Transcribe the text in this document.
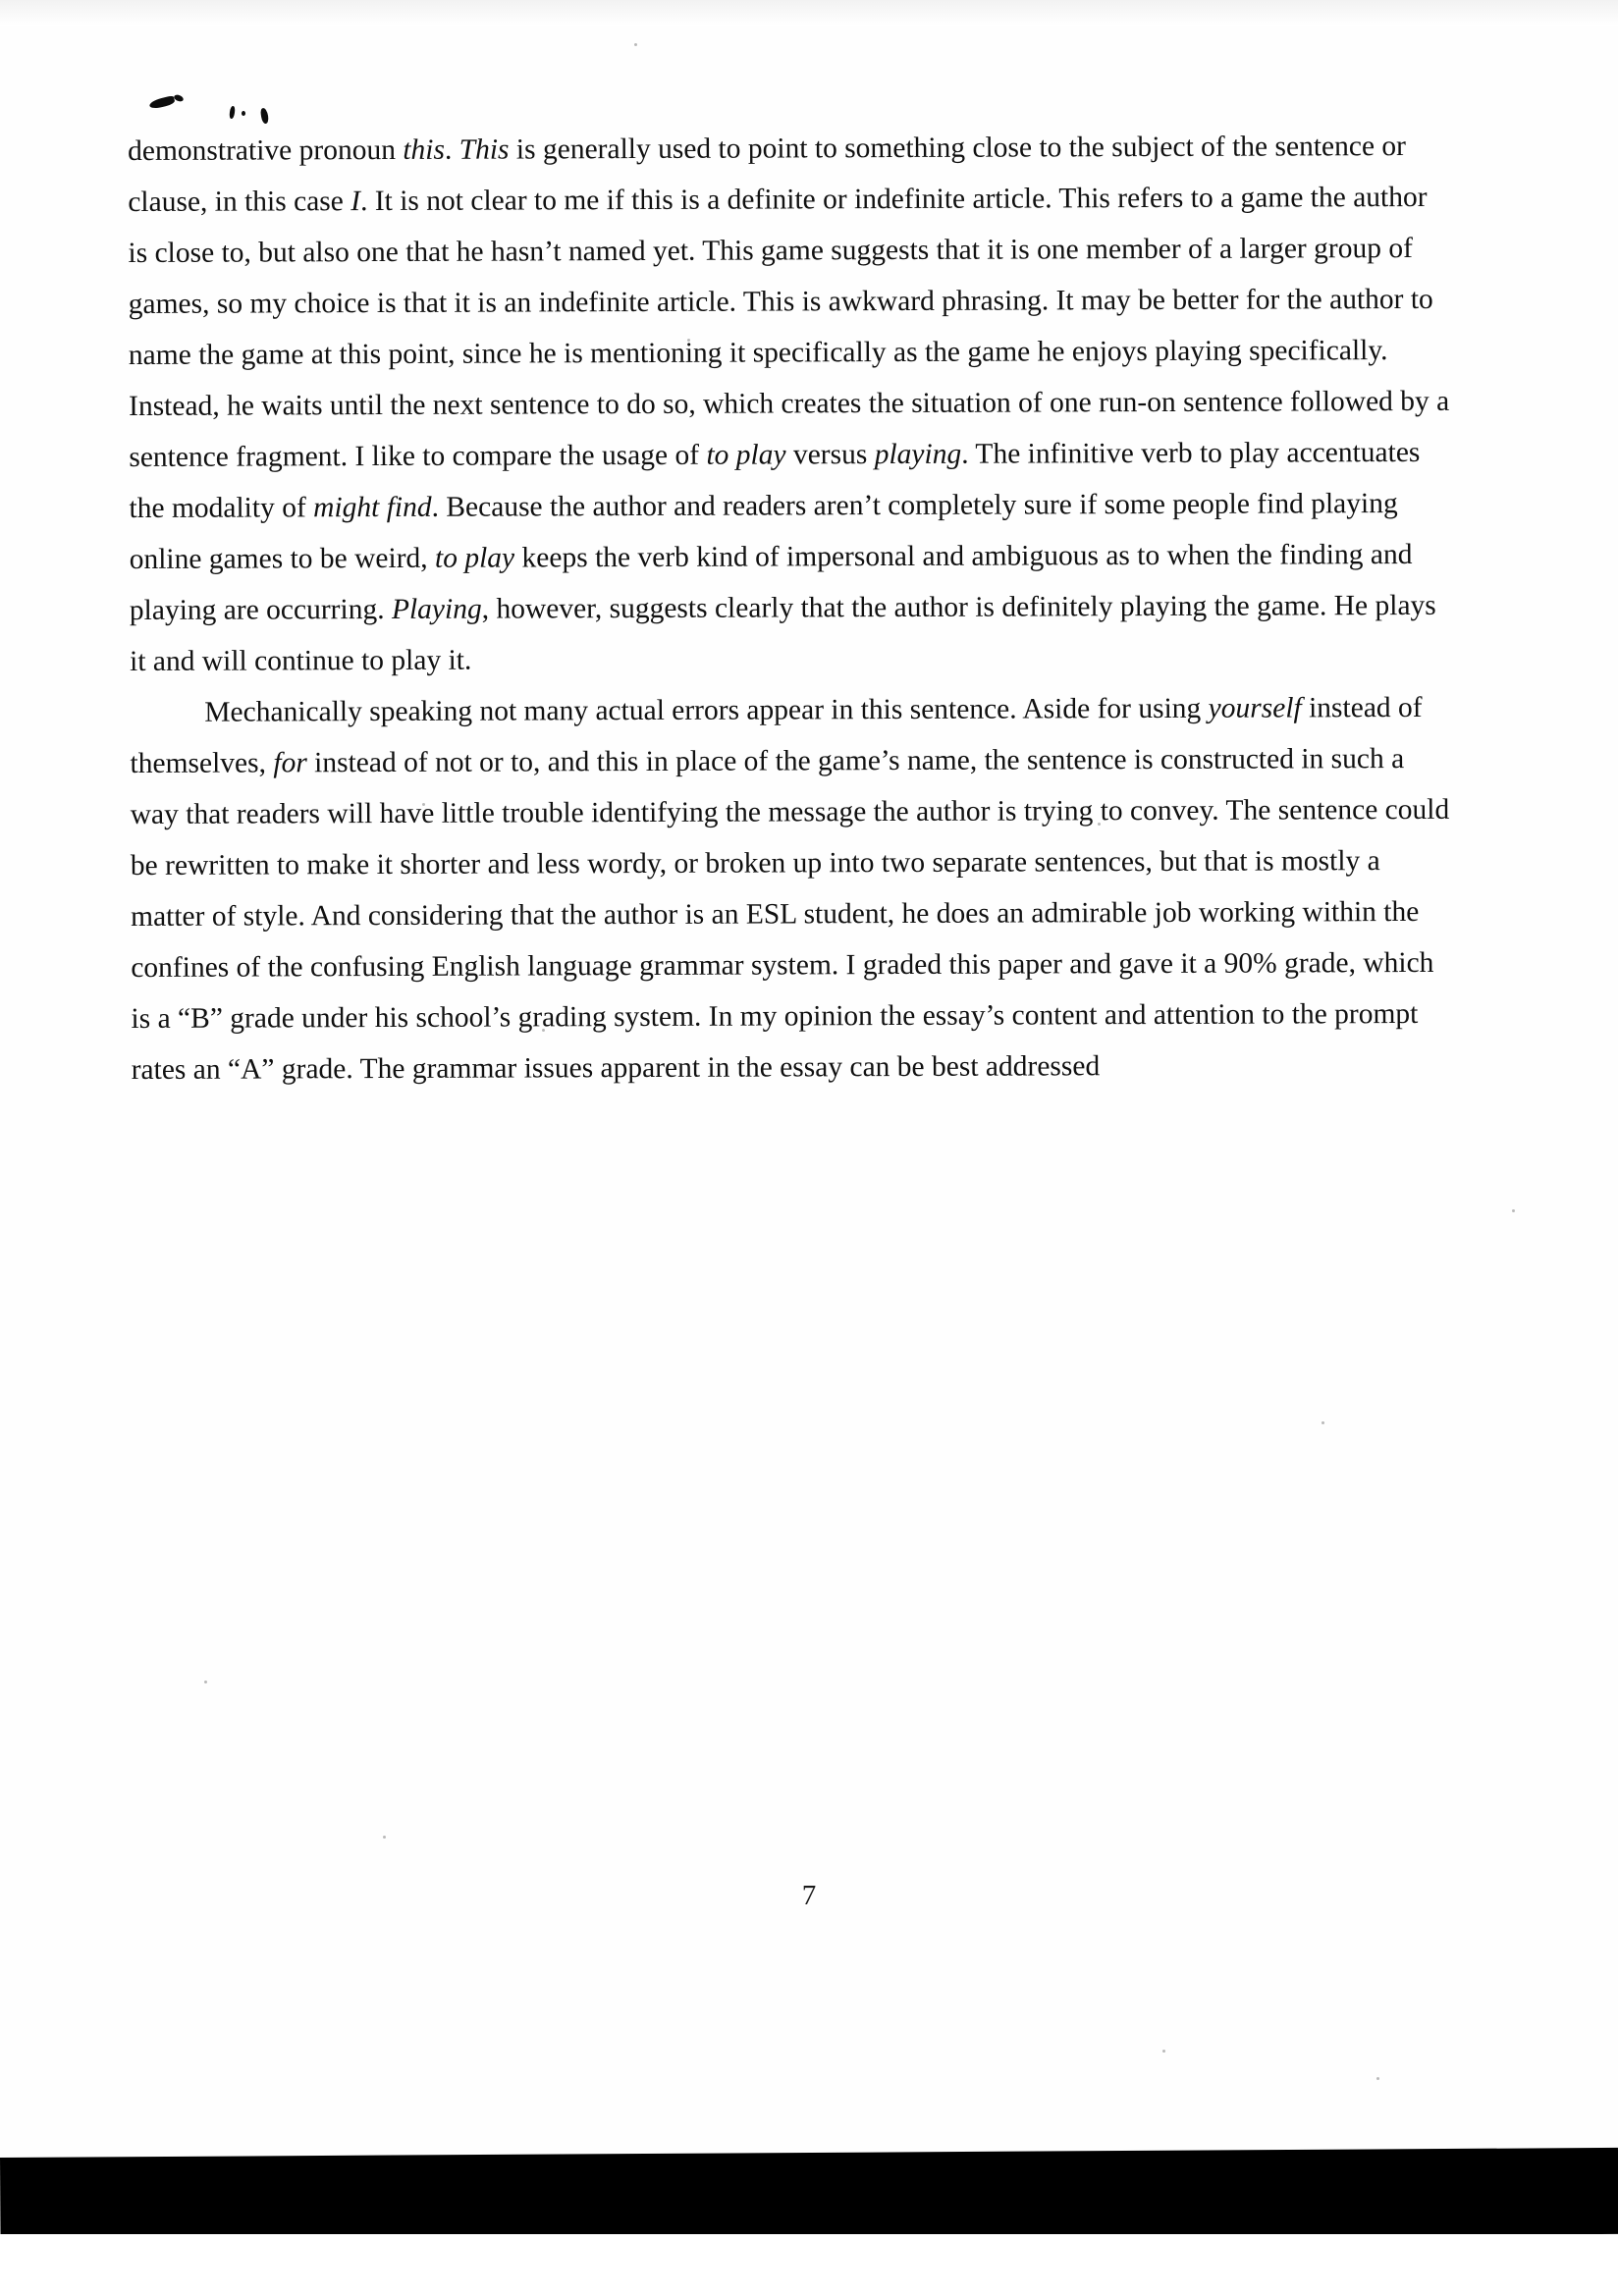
demonstrative pronoun this. This is generally used to point to something close to the subject of the sentence or clause, in this case I. It is not clear to me if this is a definite or indefinite article. This refers to a game the author is close to, but also one that he hasn’t named yet. This game suggests that it is one member of a larger group of games, so my choice is that it is an indefinite article. This is awkward phrasing. It may be better for the author to name the game at this point, since he is mentioning it specifically as the game he enjoys playing specifically. Instead, he waits until the next sentence to do so, which creates the situation of one run-on sentence followed by a sentence fragment. I like to compare the usage of to play versus playing. The infinitive verb to play accentuates the modality of might find. Because the author and readers aren’t completely sure if some people find playing online games to be weird, to play keeps the verb kind of impersonal and ambiguous as to when the finding and playing are occurring. Playing, however, suggests clearly that the author is definitely playing the game. He plays it and will continue to play it.

Mechanically speaking not many actual errors appear in this sentence. Aside for using yourself instead of themselves, for instead of not or to, and this in place of the game’s name, the sentence is constructed in such a way that readers will have little trouble identifying the message the author is trying to convey. The sentence could be rewritten to make it shorter and less wordy, or broken up into two separate sentences, but that is mostly a matter of style. And considering that the author is an ESL student, he does an admirable job working within the confines of the confusing English language grammar system. I graded this paper and gave it a 90% grade, which is a “B” grade under his school’s grading system. In my opinion the essay’s content and attention to the prompt rates an “A” grade. The grammar issues apparent in the essay can be best addressed

7
